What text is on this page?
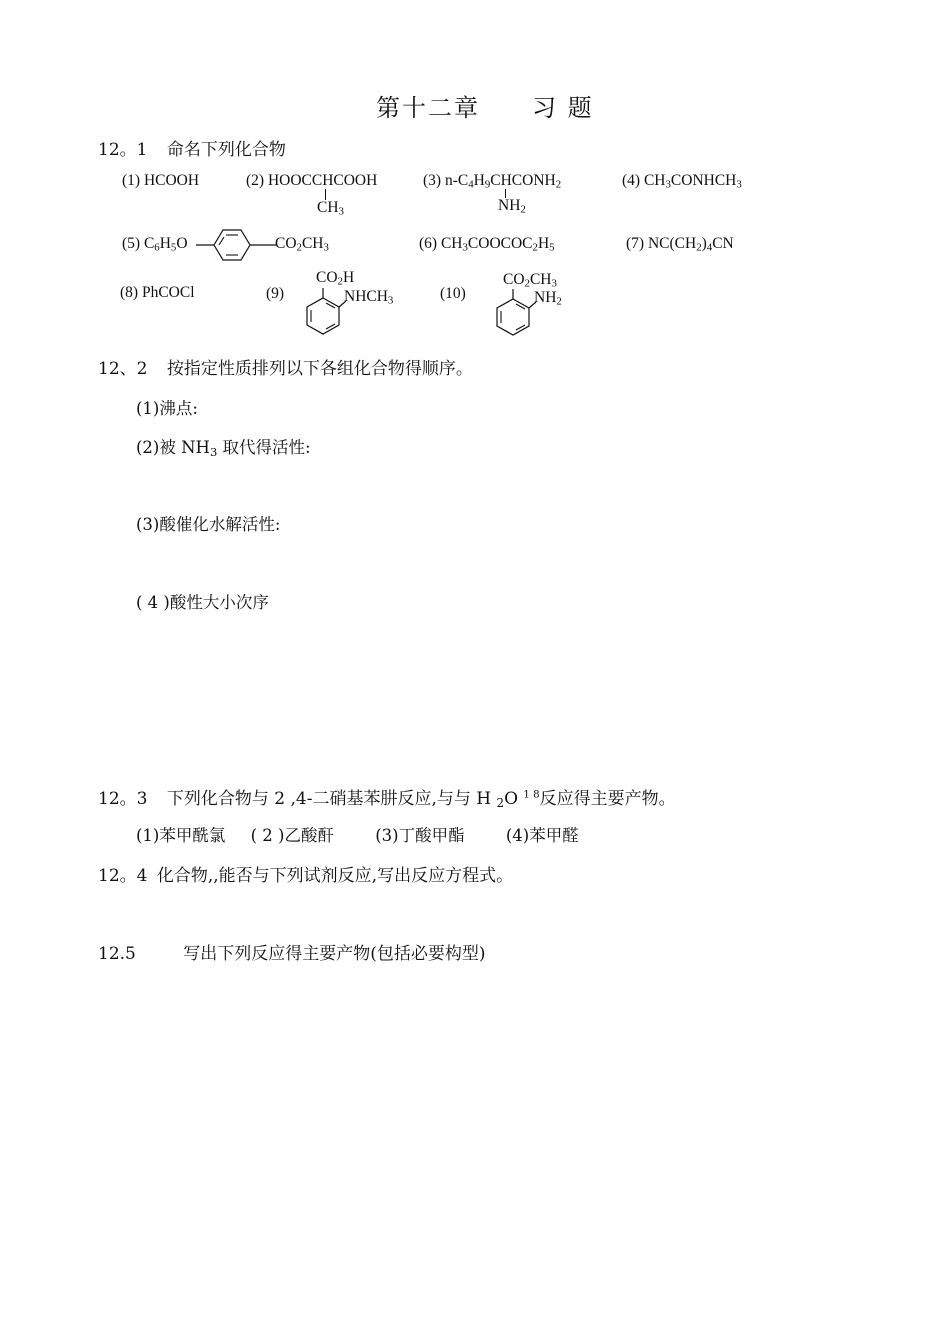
第十二章　　习 题
12。1 命名下列化合物
(1) HCOOH	(2) HOOCCHCOOH
$CH_3$
(3) $n-C_4H_9CHCONH_2$
$NH_2$
(4) $CH_3CONHCH_3$
(5) $C_6H_5O$	$CO_2CH_3$	(6) $CH_3COOCOC_2H_5$	(7) $NC(CH_2)_4CN$
(8) PhCOCl	(9)
$CO_2H$
$NHCH_3$	(10)
$CO_2CH_3$
$NH_2$
12、2 按指定性质排列以下各组化合物得顺序。
(1)沸点:
(2)被 $NH_3$ 取代得活性:
(3)酸催化水解活性:
( 4 )酸性大小次序
12。3 下列化合物与 2 ,4-二硝基苯肼反应,与与 H $_2$O $^{1 8}$反应得主要产物。
(1)苯甲酰氯 ( 2 )乙酸酐	(3)丁酸甲酯	(4)苯甲醛
12。4 化合物,,能否与下列试剂反应,写出反应方程式。
12.5	写出下列反应得主要产物(包括必要构型)
